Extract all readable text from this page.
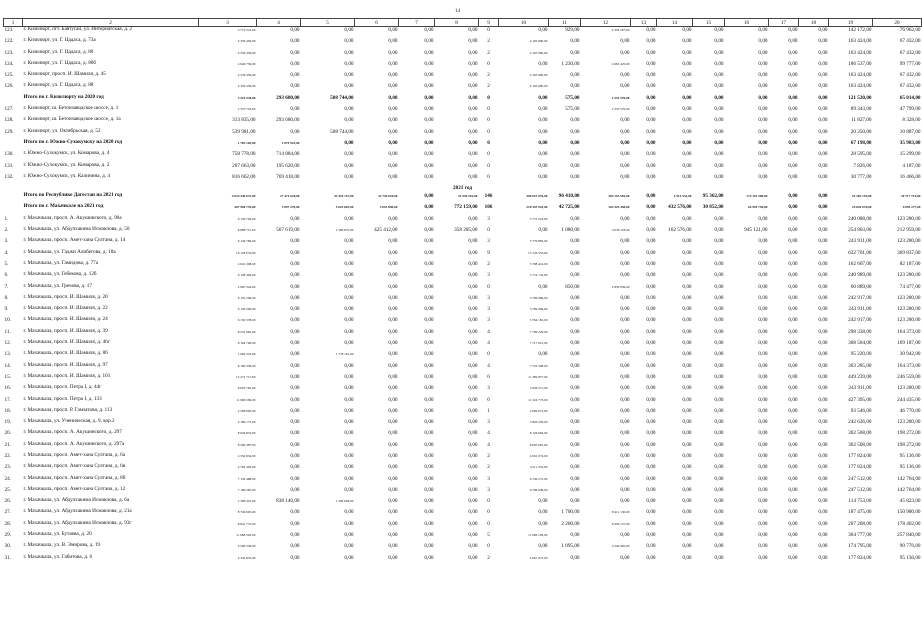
14
1	2	3	4	5	6	7	8	9	10	11	12	13	14	15	16	17	18	19	20
121.	г. Кизилюрт, пгт. Бавтугай, ул. Интернатская, д. 2	3 772 541,00	0,00	0,00	0,00	0,00	0,00	0	0,00	929,00	2 354 207,00	0,00	0,00	0,00	0,00	0,00	0,00	142 172,00	76 962,00
122.	г. Кизилюрт, ул. Г. Цадаса, д. 73а	4 336 456,00	0,00	0,00	0,00	0,00	0,00	2	4 105 600,00	0,00	0,00	0,00	0,00	0,00	0,00	0,00	0,00	163 424,00	67 432,00
123.	г. Кизилюрт, ул. Г. Цадаса, д. 80	4 336 456,00	0,00	0,00	0,00	0,00	0,00	2	4 105 600,00	0,00	0,00	0,00	0,00	0,00	0,00	0,00	0,00	163 424,00	67 432,00
124.	г. Кизилюрт, ул. Г. Цадаса, д. 80б	4 949 739,00	0,00	0,00	0,00	0,00	0,00	0	0,00	1 230,00	4 663 425,00	0,00	0,00	0,00	0,00	0,00	0,00	186 537,00	99 777,00
125.	г. Кизилюрт, просп. И. Шамиля, д. 45	4 336 456,00	0,00	0,00	0,00	0,00	0,00	2	4 105 600,00	0,00	0,00	0,00	0,00	0,00	0,00	0,00	0,00	163 424,00	67 432,00
126.	г. Кизилюрт, ул. Г. Цадаса, д. 88	4 336 456,00	0,00	0,00	0,00	0,00	0,00	2	4 105 600,00	0,00	0,00	0,00	0,00	0,00	0,00	0,00	0,00	163 424,00	67 432,00
	Итого по г. Кизилюрту на 2020 год	3 224 534,00	293 680,00	508 744,00	0,00	0,00	0,00	0	0,00	575,00	2 232 576,00	0,00	0,00	0,00	0,00	0,00	0,00	121 520,00	65 014,00
127.	г. Кизилюрт, ш. Бетонзаводское шоссе, д. 1	2 370 718,00	0,00	0,00	0,00	0,00	0,00	0	0,00	575,00	2 233 576,00	0,00	0,00	0,00	0,00	0,00	0,00	89 343,00	47 799,00
128.	г. Кизилюрт, ш. Бетонзаводское шоссе, д. 1а	313 835,00	293 680,00	0,00	0,00	0,00	0,00	0	0,00	0,00	0,00	0,00	0,00	0,00	0,00	0,00	0,00	11 827,00	8 328,00
129.	г. Кизилюрт, ул. Октябрьская, д. 52	539 981,00	0,00	508 744,00	0,00	0,00	0,00	0	0,00	0,00	0,00	0,00	0,00	0,00	0,00	0,00	0,00	20 350,00	10 887,00
	Итого по г. Южно-Сухокумску на 2020 год	1 783 103,00	1 679 922,00	0,00	0,00	0,00	0,00	0	0,00	0,00	0,00	0,00	0,00	0,00	0,00	0,00	0,00	67 198,00	35 983,00
130.	г. Южно-Сухокумск, ул. Комарова, д. 4	758 778,00	714 884,00	0,00	0,00	0,00	0,00	0	0,00	0,00	0,00	0,00	0,00	0,00	0,00	0,00	0,00	28 595,00	15 299,00
131.	г. Южно-Сухокумск, ул. Комарова, д. 2	207 663,00	195 620,00	0,00	0,00	0,00	0,00	0	0,00	0,00	0,00	0,00	0,00	0,00	0,00	0,00	0,00	7 826,00	4 187,00
132.	г. Южно-Сухокумск, ул. Калинина, д. 4	816 662,00	769 418,00	0,00	0,00	0,00	0,00	0	0,00	0,00	0,00	0,00	0,00	0,00	0,00	0,00	0,00	30 777,00	16 466,00
2021 год																			
	Итого по Республике Дагестан на 2021 год	4 024 446 637,00	27 474 620,00	43 329 157,00	32 730 620,00	0,00	31 530 552,00	146	300 023 976,00	96 410,00	304 153 502,00	0,00	5 514 532,00	95 362,00	173 191 508,00	0,00	0,00	51 282 153,00	20 717 710,00
	Итого по г. Махачкале на 2021 год	407 996 776,00	3 097 270,00	5 625 801,00	3 053 850,00	0,00	772 159,00	106	218 343 925,00	42 725,00	163 329 458,00	0,00	432 576,00	30 852,00	64 959 750,00	0,00	0,00	25 620 076,00	9 055 277,00
1.	г. Махачкала, просп. А. Акушинского, д. 90а	6 139 704,00	0,00	0,00	0,00	0,00	0,00	3	5 775 216,00	0,00	0,00	0,00	0,00	0,00	0,00	0,00	0,00	240 088,00	123 280,00
2.	г. Махачкала, ул. Абдулхакима Исмаилова, д. 50	8 868 715,00	567 619,00	1 586 872,00	425 412,00	0,00	358 285,00	0	0,00	1 080,00	4 038 118,00	0,00	162 576,00	0,00	945 121,00	0,00	0,00	254 803,00	212 959,00
3.	г. Махачкала, просп. Амет-хана Султана, д. 14	6 146 784,00	0,00	0,00	0,00	0,00	0,00	3	5 779 865,00	0,00	0,00	0,00	0,00	0,00	0,00	0,00	0,00	243 911,00	123 280,00
4.	г. Махачкала, ул. Гаджи Алибегова, д. 18а	16 128 033,00	0,00	0,00	0,00	0,00	0,00	9	15 126 353,00	0,00	0,00	0,00	0,00	0,00	0,00	0,00	0,00	632 701,00	369 837,00
5.	г. Махачкала, ул. Гамидова, д. 77а	4 041 208,00	0,00	0,00	0,00	0,00	0,00	2	3 798 414,00	0,00	0,00	0,00	0,00	0,00	0,00	0,00	0,00	162 607,00	82 187,00
6.	г. Махачкала, ул. Гебекова, д. 12б	6 138 404,00	0,00	0,00	0,00	0,00	0,00	3	5 774 135,00	0,00	0,00	0,00	0,00	0,00	0,00	0,00	0,00	240 989,00	123 280,00
7.	г. Махачкала, ул. Гречова, д. 17	2 995 324,00	0,00	0,00	0,00	0,00	0,00	0	0,00	850,00	2 859 959,00	0,00	0,00	0,00	0,00	0,00	0,00	60 889,00	74 477,00
8.	г. Махачкала, просп. И. Шамиля, д. 20	6 135 206,00	0,00	0,00	0,00	0,00	0,00	3	5 769 009,00	0,00	0,00	0,00	0,00	0,00	0,00	0,00	0,00	242 917,00	123 280,00
9.	г. Махачкала, просп. И. Шамиля, д. 22	6 136 200,00	0,00	0,00	0,00	0,00	0,00	3	5 769 009,00	0,00	0,00	0,00	0,00	0,00	0,00	0,00	0,00	243 911,00	123 280,00
10.	г. Махачкала, просп. И. Шамиля, д. 24	6 130 378,00	0,00	0,00	0,00	0,00	0,00	3	5 764 181,00	0,00	0,00	0,00	0,00	0,00	0,00	0,00	0,00	242 917,00	123 280,00
11.	г. Махачкала, просп. И. Шамиля, д. 39	8 252 962,00	0,00	0,00	0,00	0,00	0,00	4	7 799 229,00	0,00	0,00	0,00	0,00	0,00	0,00	0,00	0,00	298 338,00	164 373,00
12.	г. Махачкала, просп. И. Шамиля, д. 46г	8 194 706,00	0,00	0,00	0,00	0,00	0,00	4	7 717 015,00	0,00	0,00	0,00	0,00	0,00	0,00	0,00	0,00	308 504,00	169 187,00
13.	г. Махачкала, просп. И. Шамиля, д. 86	1 904 323,00	0,00	1 778 161,00	0,00	0,00	0,00	0	0,00	0,00	0,00	0,00	0,00	0,00	0,00	0,00	0,00	95 220,00	30 942,00
14.	г. Махачкала, просп. И. Шамиля, д. 97	8 190 336,00	0,00	0,00	0,00	0,00	0,00	4	7 722 598,00	0,00	0,00	0,00	0,00	0,00	0,00	0,00	0,00	303 285,00	164 373,00
15.	г. Махачкала, просп. И. Шамиля, д. 101	12 272 715,00	0,00	0,00	0,00	0,00	0,00	6	11 382 877,00	0,00	0,00	0,00	0,00	0,00	0,00	0,00	0,00	449 239,00	246 559,00
16.	г. Махачкала, просп. Петра I, д. 44г	6 003 762,00	0,00	0,00	0,00	0,00	0,00	3	5 636 571,00	0,00	0,00	0,00	0,00	0,00	0,00	0,00	0,00	243 911,00	123 280,00
17.	г. Махачкала, просп. Петра I, д. 133	11 996 509,00	0,00	0,00	0,00	0,00	0,00	6	11 324 773,00	0,00	0,00	0,00	0,00	0,00	0,00	0,00	0,00	427 395,00	244 435,00
18.	г. Махачкала, просп. Р. Гамзатова, д. 113	2 208 995,00	0,00	0,00	0,00	0,00	0,00	1	2 069 673,00	0,00	0,00	0,00	0,00	0,00	0,00	0,00	0,00	93 546,00	46 770,00
19.	г. Махачкала, ул. Ученическая, д. 9, кор.2	4 186 175,00	0,00	0,00	0,00	0,00	0,00	3	3 820 259,00	0,00	0,00	0,00	0,00	0,00	0,00	0,00	0,00	242 636,00	123 280,00
20.	г. Махачкала, просп. А. Акушинского, д. 297	8 626 874,00	0,00	0,00	0,00	0,00	0,00	4	8 126 094,00	0,00	0,00	0,00	0,00	0,00	0,00	0,00	0,00	302 508,00	198 272,00
21.	г. Махачкала, просп. А. Акушинского, д. 297а	8 596 387,00	0,00	0,00	0,00	0,00	0,00	4	8 095 607,00	0,00	0,00	0,00	0,00	0,00	0,00	0,00	0,00	302 508,00	198 272,00
22.	г. Махачкала, просп. Амет-хана Султана, д. 6а	4 334 834,00	0,00	0,00	0,00	0,00	0,00	2	4 061 074,00	0,00	0,00	0,00	0,00	0,00	0,00	0,00	0,00	177 824,00	95 136,00
23.	г. Махачкала, просп. Амет-хана Султана, д. 6в	4 784 403,00	0,00	0,00	0,00	0,00	0,00	2	4 511 455,00	0,00	0,00	0,00	0,00	0,00	0,00	0,00	0,00	177 824,00	95 136,00
24.	г. Махачкала, просп. Амет-хана Султана, д. 8б	7 139 488,00	0,00	0,00	0,00	0,00	0,00	3	6 749 272,00	0,00	0,00	0,00	0,00	0,00	0,00	0,00	0,00	247 512,00	142 704,00
25.	г. Махачкала, просп. Амет-хана Султана, д. 12	7 186 265,00	0,00	0,00	0,00	0,00	0,00	3	6 796 049,00	0,00	0,00	0,00	0,00	0,00	0,00	0,00	0,00	247 512,00	142 704,00
26.	г. Махачкала, ул. Абдулхакима Исмаилова, д. 6а	2 308 410,00	838 140,00	1 309 694,00	0,00	0,00	0,00	0	0,00	0,00	0,00	0,00	0,00	0,00	0,00	0,00	0,00	114 753,00	45 823,00
27.	г. Махачкала, ул. Абдулхакима Исмаилова, д. 21а	8 749 605,00	0,00	0,00	0,00	0,00	0,00	0	0,00	1 700,00	8 411 130,00	0,00	0,00	0,00	0,00	0,00	0,00	187 475,00	150 980,00
28.	г. Махачкала, ул. Абдулхакима Исмаилова, д. 93г	8 841 737,00	0,00	0,00	0,00	0,00	0,00	0	0,00	2 200,00	8 456 127,00	0,00	0,00	0,00	0,00	0,00	0,00	207 208,00	178 402,00
29.	г. Махачкала, ул. Бутаева, д. 20	11 668 502,00	0,00	0,00	0,00	0,00	0,00	5	11 096 183,00	0,00	0,00	0,00	0,00	0,00	0,00	0,00	0,00	364 777,00	257 840,00
30.	г. Махачкала, ул. В. Эмирова, д. 19	4 506 536,00	0,00	0,00	0,00	0,00	0,00	0	0,00	1 095,00	4 240 965,00	0,00	0,00	0,00	0,00	0,00	0,00	174 795,00	90 776,00
31.	г. Махачкала, ул. Габитова, д. 6	4 334 835,00	0,00	0,00	0,00	0,00	0,00	2	4 061 075,00	0,00	0,00	0,00	0,00	0,00	0,00	0,00	0,00	177 824,00	95 136,00
